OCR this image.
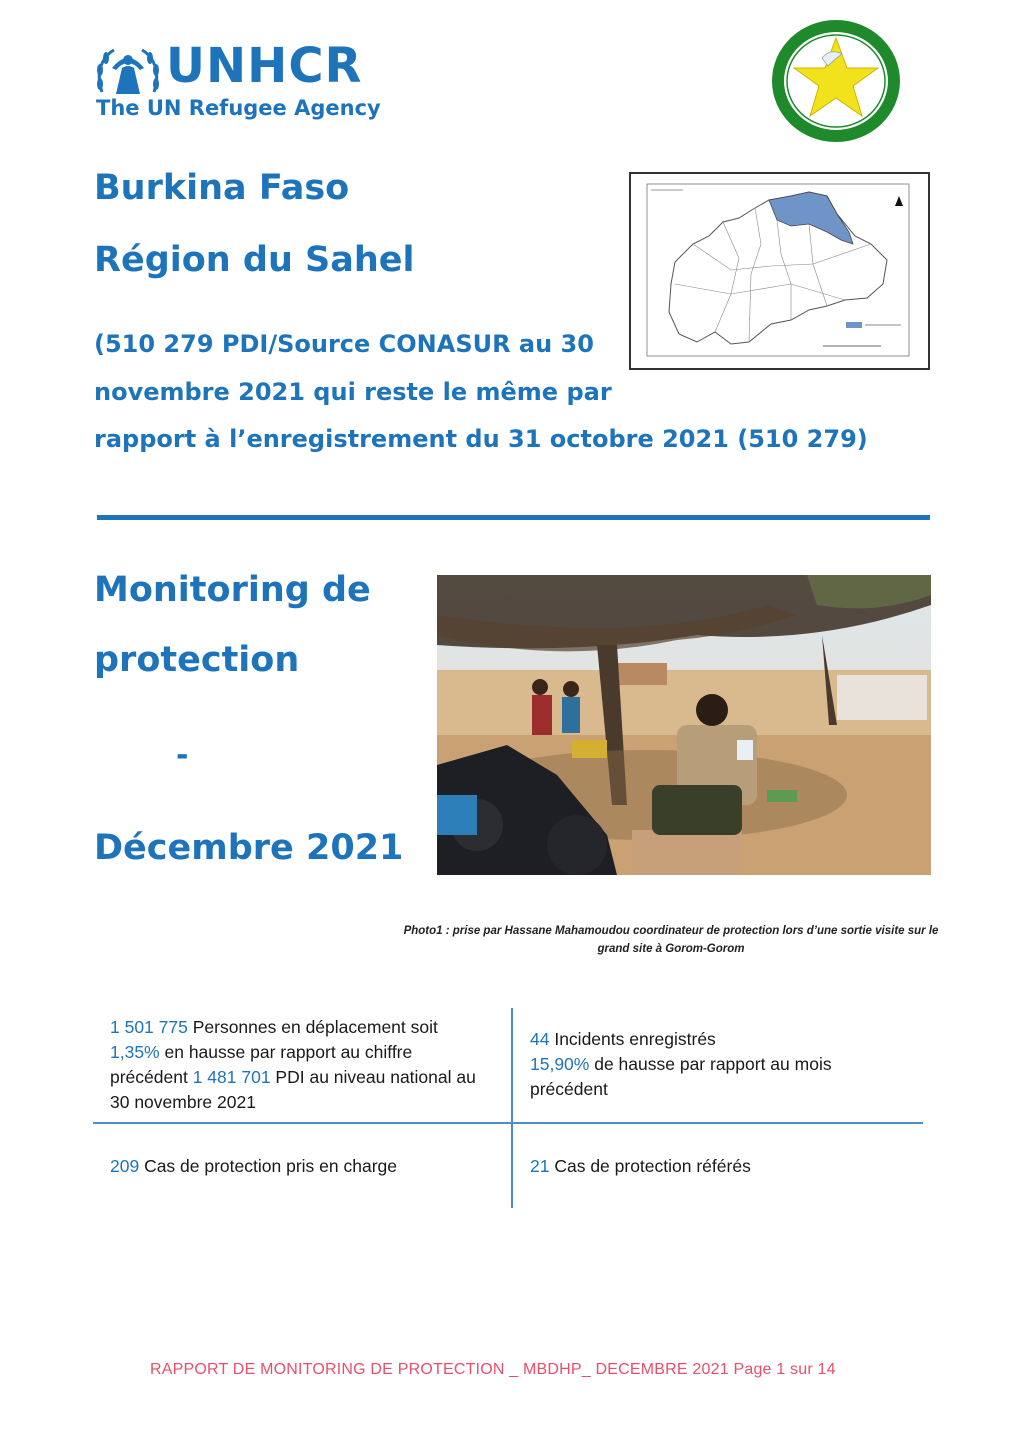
UNHCR
The UN Refugee Agency
Burkina Faso
Région du Sahel
(510 279 PDI/Source CONASUR au 30
novembre 2021 qui reste le même par
rapport à l’enregistrement du 31 octobre 2021 (510 279)
Monitoring de
protection
-
Décembre 2021
Photo1 : prise par Hassane Mahamoudou coordinateur de protection lors d’une sortie visite sur le
grand site à Gorom-Gorom
1 501 775 Personnes en déplacement soit
1,35% en hausse par rapport au chiffre
précédent 1 481 701 PDI au niveau national au
30 novembre 2021
44 Incidents enregistrés
15,90% de hausse par rapport au mois
précédent
209 Cas de protection pris en charge	21 Cas de protection référés
RAPPORT DE MONITORING DE PROTECTION _ MBDHP_ DECEMBRE 2021 Page 1 sur 14
